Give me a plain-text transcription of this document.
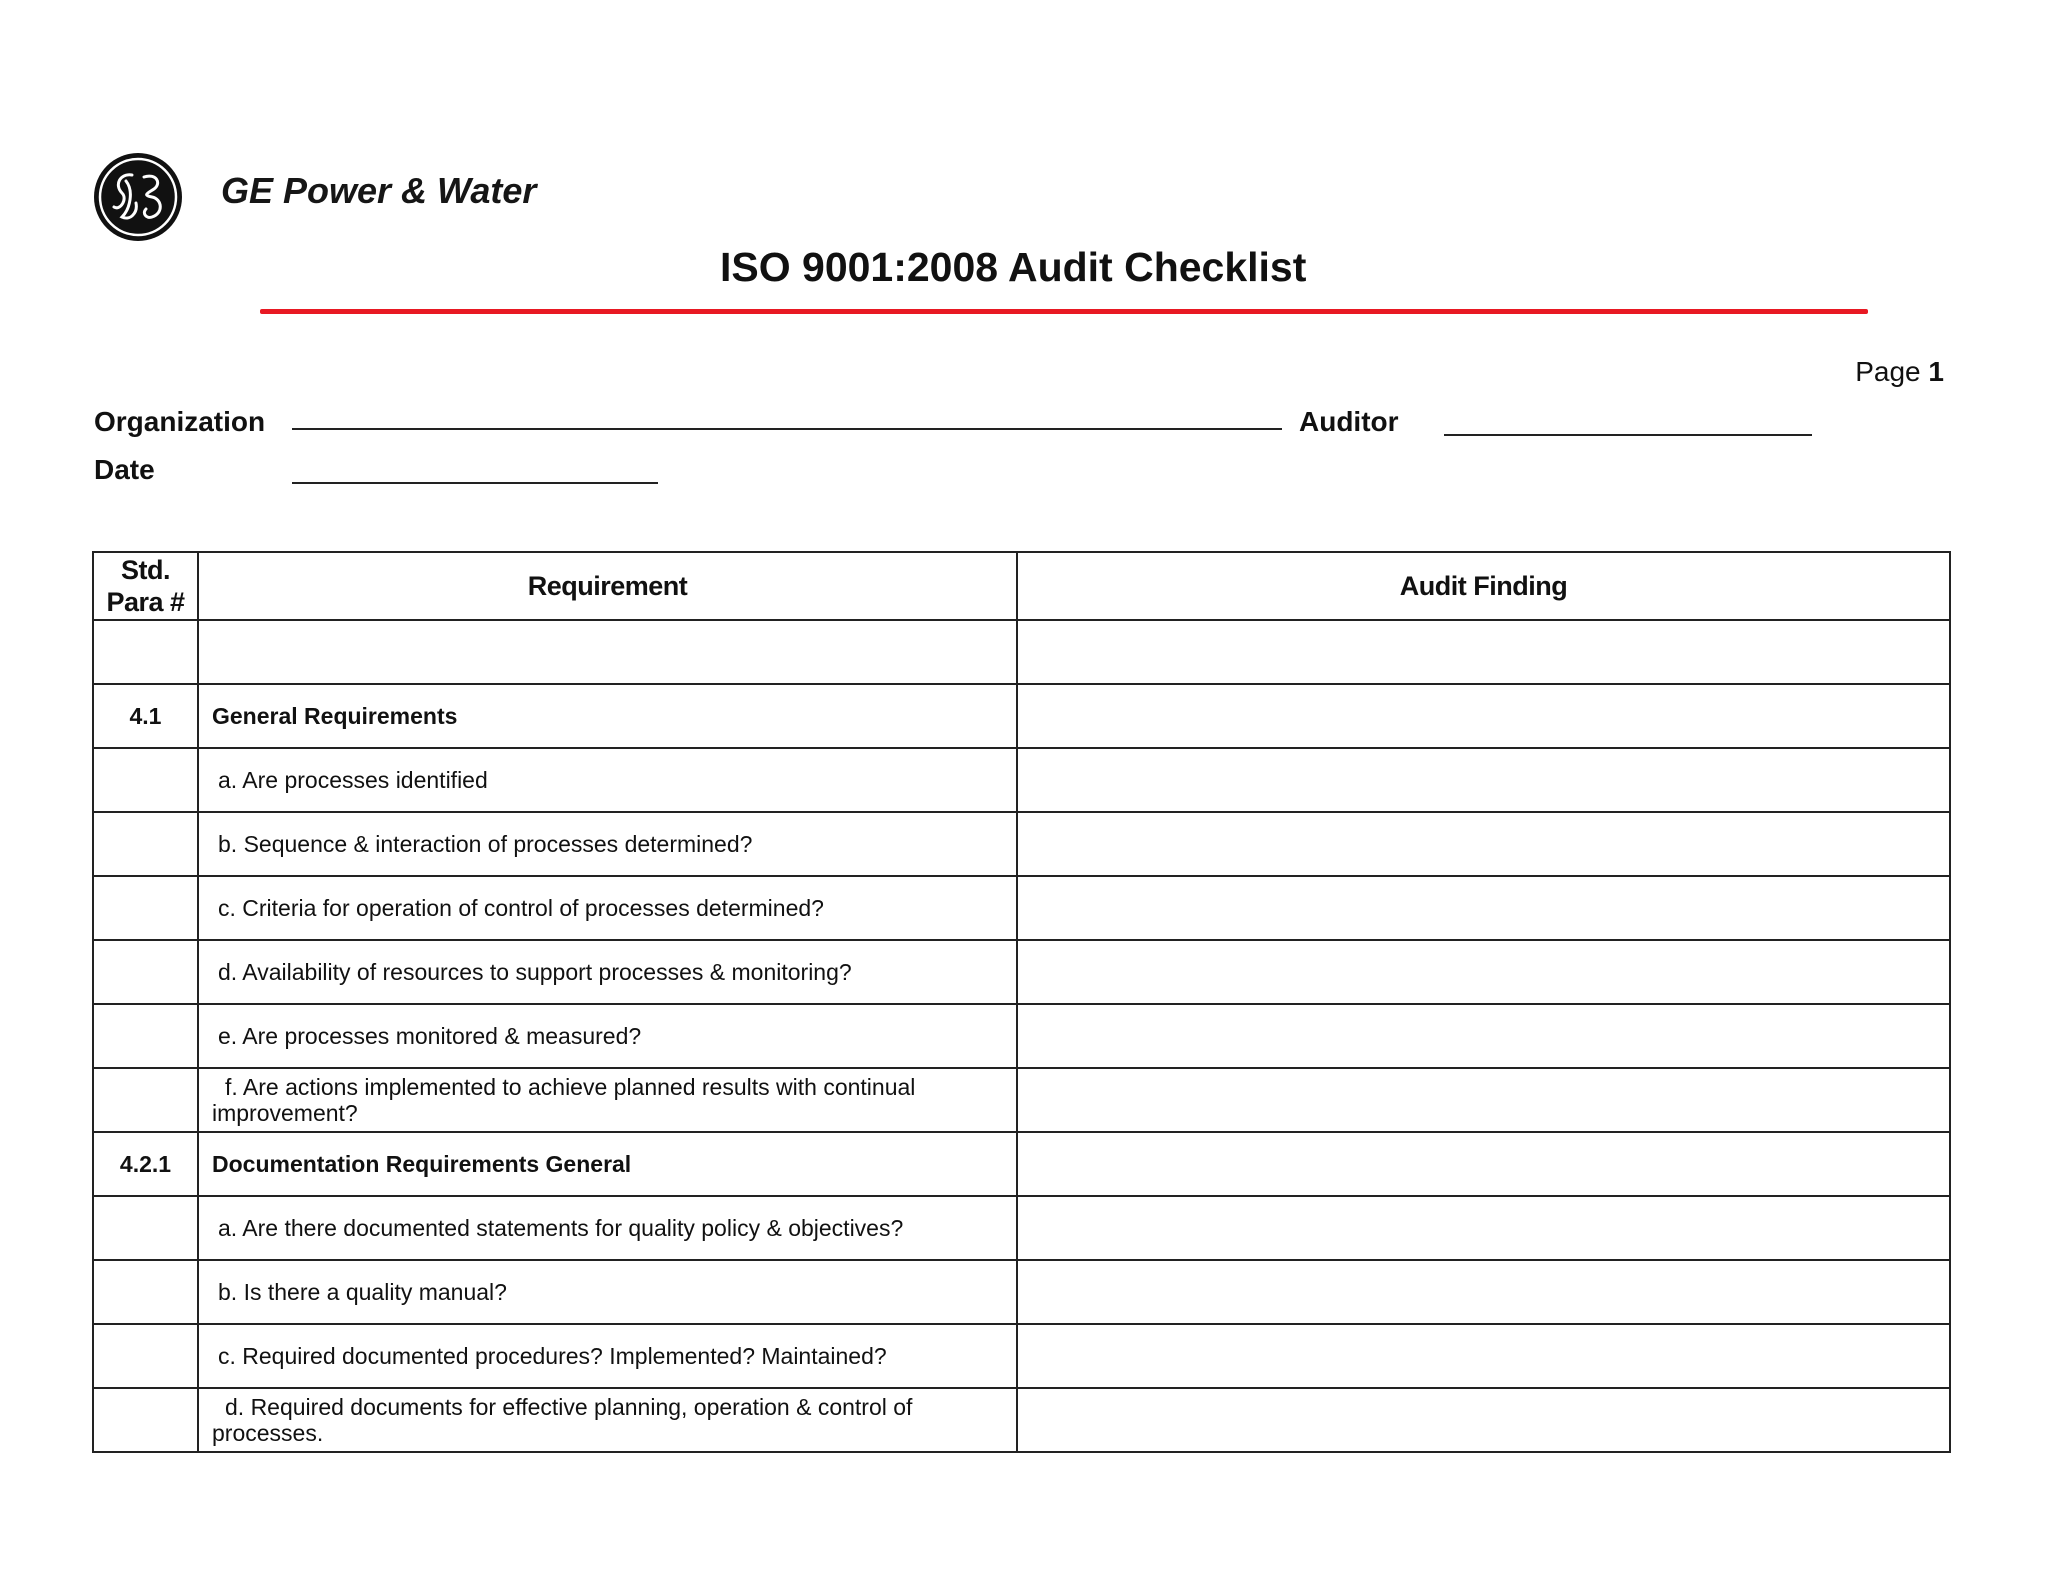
GE Power & Water
ISO 9001:2008 Audit Checklist
Page 1
Organization	Auditor
Date
Std.
Para #	Requirement	Audit Finding

4.1	General Requirements	
	a. Are processes identified	
	b. Sequence & interaction of processes determined?	
	c. Criteria for operation of control of processes determined?	
	d. Availability of resources to support processes & monitoring?	
	e. Are processes monitored & measured?	
	f. Are actions implemented to achieve planned results with continual
improvement?	
4.2.1	Documentation Requirements General	
	a. Are there documented statements for quality policy & objectives?	
	b. Is there a quality manual?	
	c. Required documented procedures? Implemented? Maintained?	
	d. Required documents for effective planning, operation & control of
processes.	
